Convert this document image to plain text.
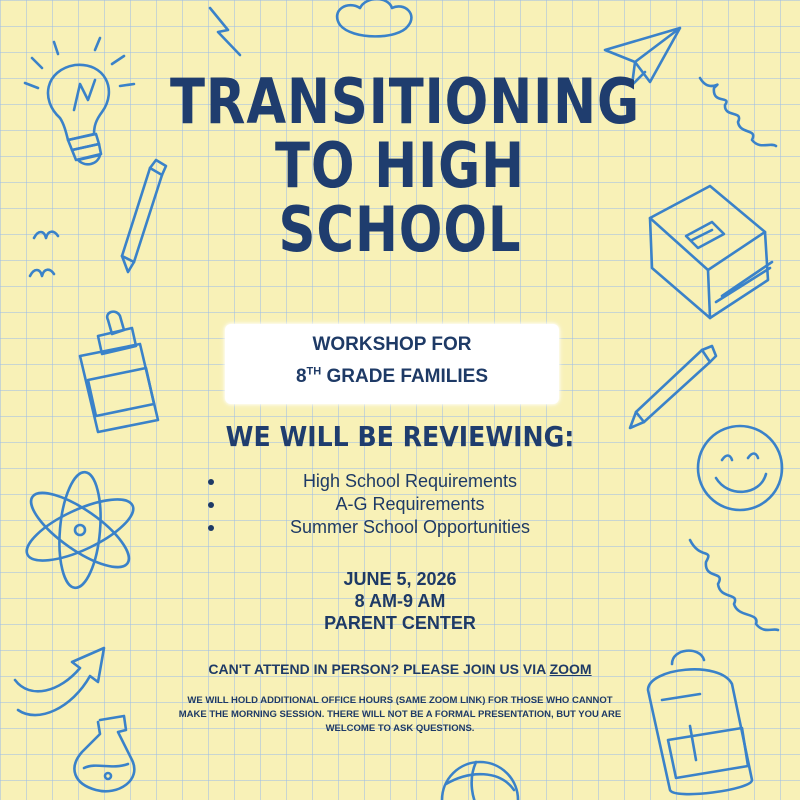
TRANSITIONING
TO HIGH
SCHOOL
WORKSHOP FOR
8TH GRADE FAMILIES
WE WILL BE REVIEWING:
High School Requirements
A-G Requirements
Summer School Opportunities
JUNE 5, 2026
8 AM-9 AM
PARENT CENTER
CAN'T ATTEND IN PERSON? PLEASE JOIN US VIA ZOOM
WE WILL HOLD ADDITIONAL OFFICE HOURS (SAME ZOOM LINK) FOR THOSE WHO CANNOT MAKE THE MORNING SESSION. THERE WILL NOT BE A FORMAL PRESENTATION, BUT YOU ARE WELCOME TO ASK QUESTIONS.
